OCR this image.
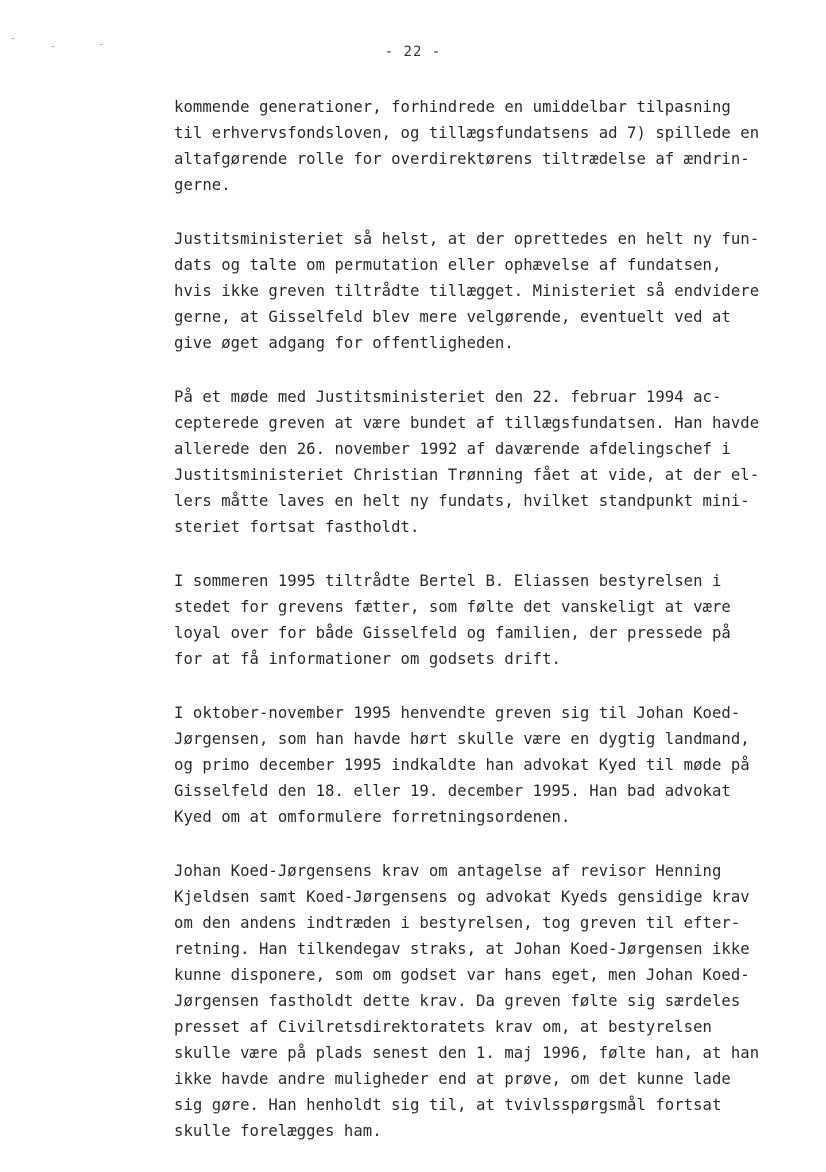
- 22 -
kommende generationer, forhindrede en umiddelbar tilpasning
til erhvervsfondsloven, og tillægsfundatsens ad 7) spillede en
altafgørende rolle for overdirektørens tiltrædelse af ændrin-
gerne.
Justitsministeriet så helst, at der oprettedes en helt ny fun-
dats og talte om permutation eller ophævelse af fundatsen,
hvis ikke greven tiltrådte tillægget. Ministeriet så endvidere
gerne, at Gisselfeld blev mere velgørende, eventuelt ved at
give øget adgang for offentligheden.
På et møde med Justitsministeriet den 22. februar 1994 ac-
cepterede greven at være bundet af tillægsfundatsen. Han havde
allerede den 26. november 1992 af daværende afdelingschef i
Justitsministeriet Christian Trønning fået at vide, at der el-
lers måtte laves en helt ny fundats, hvilket standpunkt mini-
steriet fortsat fastholdt.
I sommeren 1995 tiltrådte Bertel B. Eliassen bestyrelsen i
stedet for grevens fætter, som følte det vanskeligt at være
loyal over for både Gisselfeld og familien, der pressede på
for at få informationer om godsets drift.
I oktober-november 1995 henvendte greven sig til Johan Koed-
Jørgensen, som han havde hørt skulle være en dygtig landmand,
og primo december 1995 indkaldte han advokat Kyed til møde på
Gisselfeld den 18. eller 19. december 1995. Han bad advokat
Kyed om at omformulere forretningsordenen.
Johan Koed-Jørgensens krav om antagelse af revisor Henning
Kjeldsen samt Koed-Jørgensens og advokat Kyeds gensidige krav
om den andens indtræden i bestyrelsen, tog greven til efter-
retning. Han tilkendegav straks, at Johan Koed-Jørgensen ikke
kunne disponere, som om godset var hans eget, men Johan Koed-
Jørgensen fastholdt dette krav. Da greven følte sig særdeles
presset af Civilretsdirektoratets krav om, at bestyrelsen
skulle være på plads senest den 1. maj 1996, følte han, at han
ikke havde andre muligheder end at prøve, om det kunne lade
sig gøre. Han henholdt sig til, at tvivlsspørgsmål fortsat
skulle forelægges ham.
